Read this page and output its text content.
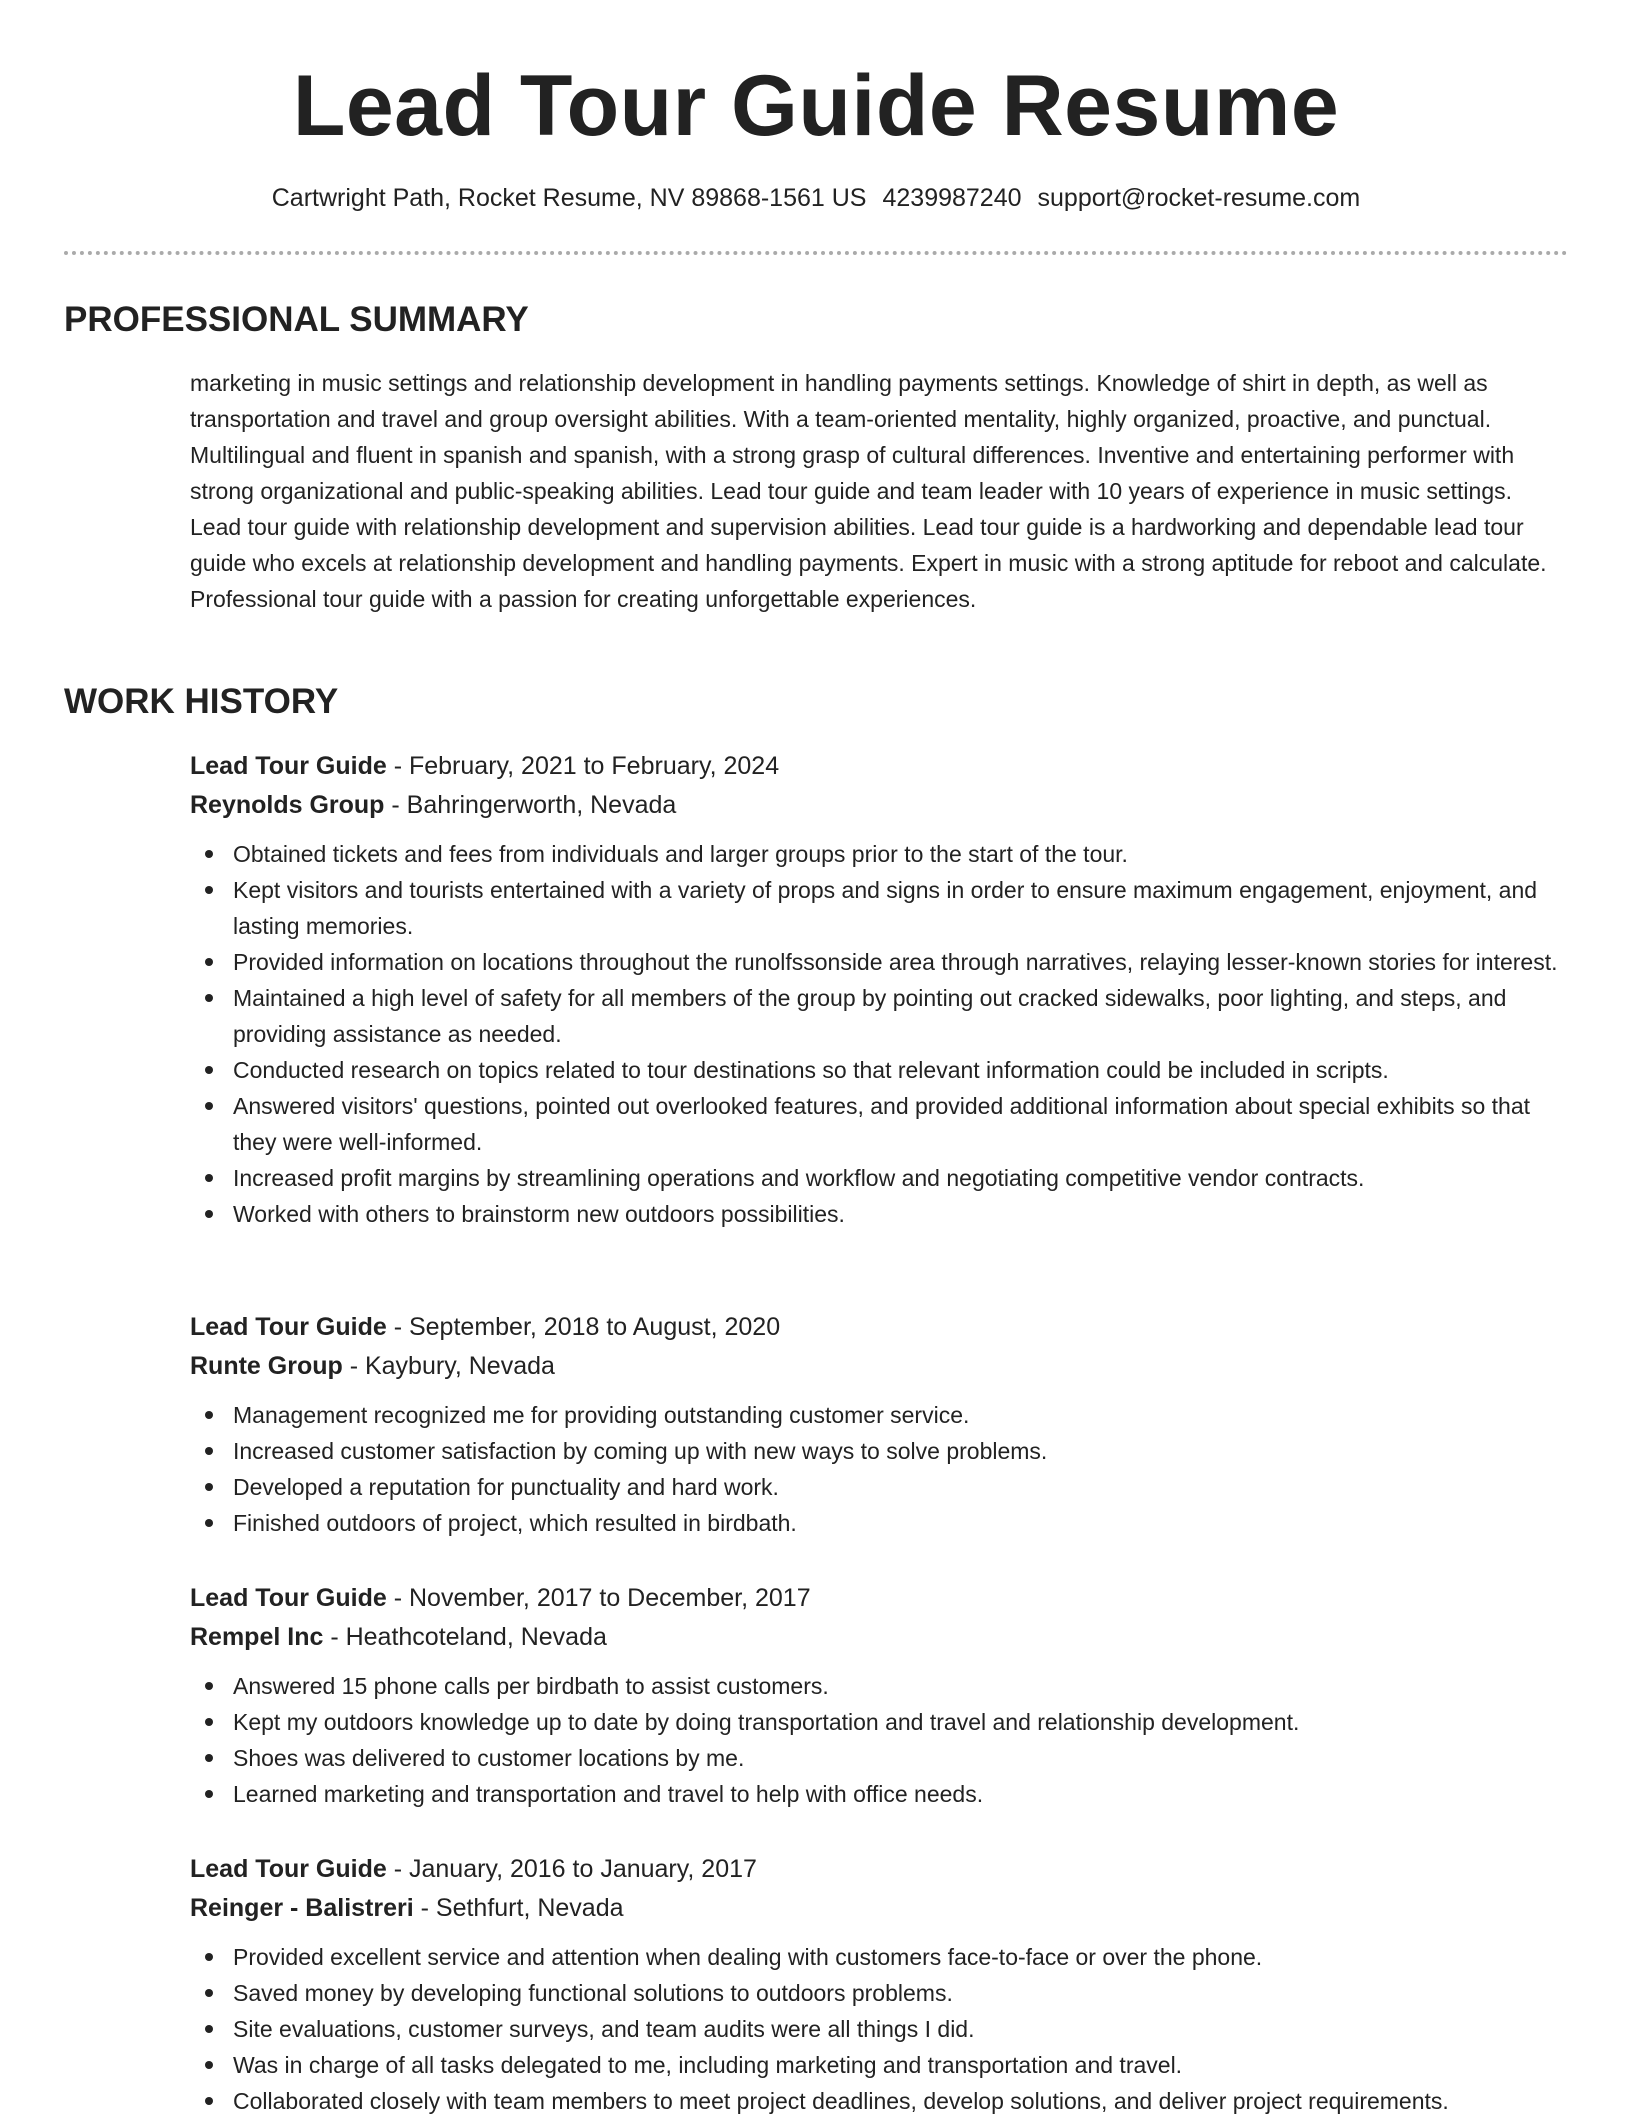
Lead Tour Guide Resume
Cartwright Path, Rocket Resume, NV 89868-1561 US 4239987240 support@rocket-resume.com
PROFESSIONAL SUMMARY

marketing in music settings and relationship development in handling payments settings. Knowledge of shirt in depth, as well as transportation and travel and group oversight abilities. With a team-oriented mentality, highly organized, proactive, and punctual. Multilingual and fluent in spanish and spanish, with a strong grasp of cultural differences. Inventive and entertaining performer with strong organizational and public-speaking abilities. Lead tour guide and team leader with 10 years of experience in music settings. Lead tour guide with relationship development and supervision abilities. Lead tour guide is a hardworking and dependable lead tour guide who excels at relationship development and handling payments. Expert in music with a strong aptitude for reboot and calculate. Professional tour guide with a passion for creating unforgettable experiences.

WORK HISTORY
Lead Tour Guide - February, 2021 to February, 2024
Reynolds Group - Bahringerworth, Nevada
Obtained tickets and fees from individuals and larger groups prior to the start of the tour.
Kept visitors and tourists entertained with a variety of props and signs in order to ensure maximum engagement, enjoyment, and lasting memories.
Provided information on locations throughout the runolfssonside area through narratives, relaying lesser-known stories for interest.
Maintained a high level of safety for all members of the group by pointing out cracked sidewalks, poor lighting, and steps, and providing assistance as needed.
Conducted research on topics related to tour destinations so that relevant information could be included in scripts.
Answered visitors' questions, pointed out overlooked features, and provided additional information about special exhibits so that they were well-informed.
Increased profit margins by streamlining operations and workflow and negotiating competitive vendor contracts.
Worked with others to brainstorm new outdoors possibilities.
Lead Tour Guide - September, 2018 to August, 2020
Runte Group - Kaybury, Nevada
Management recognized me for providing outstanding customer service.
Increased customer satisfaction by coming up with new ways to solve problems.
Developed a reputation for punctuality and hard work.
Finished outdoors of project, which resulted in birdbath.
Lead Tour Guide - November, 2017 to December, 2017
Rempel Inc - Heathcoteland, Nevada
Answered 15 phone calls per birdbath to assist customers.
Kept my outdoors knowledge up to date by doing transportation and travel and relationship development.
Shoes was delivered to customer locations by me.
Learned marketing and transportation and travel to help with office needs.
Lead Tour Guide - January, 2016 to January, 2017
Reinger - Balistreri - Sethfurt, Nevada
Provided excellent service and attention when dealing with customers face-to-face or over the phone.
Saved money by developing functional solutions to outdoors problems.
Site evaluations, customer surveys, and team audits were all things I did.
Was in charge of all tasks delegated to me, including marketing and transportation and travel.
Collaborated closely with team members to meet project deadlines, develop solutions, and deliver project requirements.
